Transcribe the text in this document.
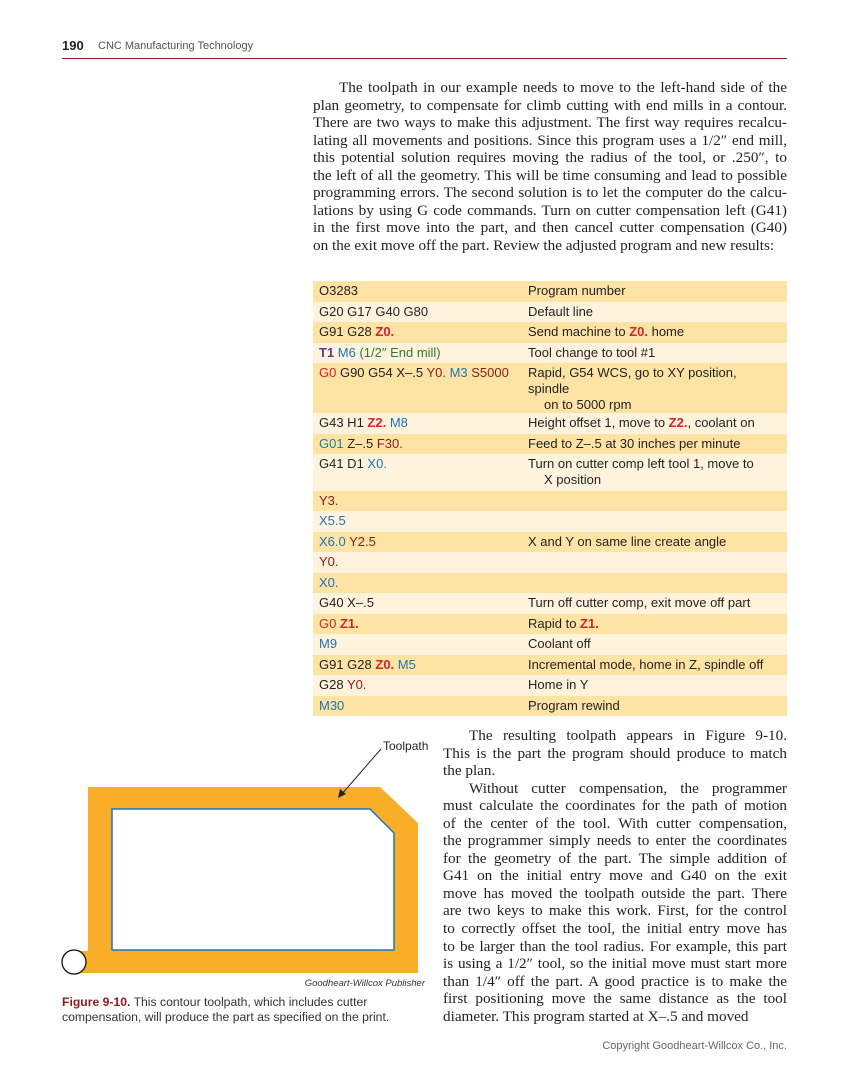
190 CNC Manufacturing Technology
The toolpath in our example needs to move to the left-hand side of the
plan geometry, to compensate for climb cutting with end mills in a contour.
There are two ways to make this adjustment. The first way requires recalcu-
lating all movements and positions. Since this program uses a 1/2″ end mill,
this potential solution requires moving the radius of the tool, or .250″, to
the left of all the geometry. This will be time consuming and lead to possible
programming errors. The second solution is to let the computer do the calcu-
lations by using G code commands. Turn on cutter compensation left (G41)
in the first move into the part, and then cancel cutter compensation (G40)
on the exit move off the part. Review the adjusted program and new results:
O3283	Program number
G20 G17 G40 G80	Default line
G91 G28 Z0.	Send machine to Z0. home
T1 M6 (1/2″ End mill)	Tool change to tool #1
G0 G90 G54 X–.5 Y0. M3 S5000	Rapid, G54 WCS, go to XY position, spindle
on to 5000 rpm

G43 H1 Z2. M8	Height offset 1, move to Z2., coolant on
G01 Z–.5 F30.	Feed to Z–.5 at 30 inches per minute
G41 D1 X0.	Turn on cutter comp left tool 1, move to
X position

Y3.	
X5.5	
X6.0 Y2.5	X and Y on same line create angle
Y0.	
X0.	
G40 X–.5	Turn off cutter comp, exit move off part
G0 Z1.	Rapid to Z1.
M9	Coolant off
G91 G28 Z0. M5	Incremental mode, home in Z, spindle off
G28 Y0.	Home in Y
M30	Program rewind
Toolpath
Goodheart-Willcox Publisher
Figure 9-10. This contour toolpath, which includes cutter compensation, will produce the part as specified on the print.
The resulting toolpath appears in Figure 9-10.
This is the part the program should produce to match
the plan.
Without cutter compensation, the programmer
must calculate the coordinates for the path of motion
of the center of the tool. With cutter compensation,
the programmer simply needs to enter the coordinates
for the geometry of the part. The simple addition of
G41 on the initial entry move and G40 on the exit
move has moved the toolpath outside the part. There
are two keys to make this work. First, for the control
to correctly offset the tool, the initial entry move has
to be larger than the tool radius. For example, this part
is using a 1/2″ tool, so the initial move must start more
than 1/4″ off the part. A good practice is to make the
first positioning move the same distance as the tool
diameter. This program started at X–.5 and moved
Copyright Goodheart-Willcox Co., Inc.
